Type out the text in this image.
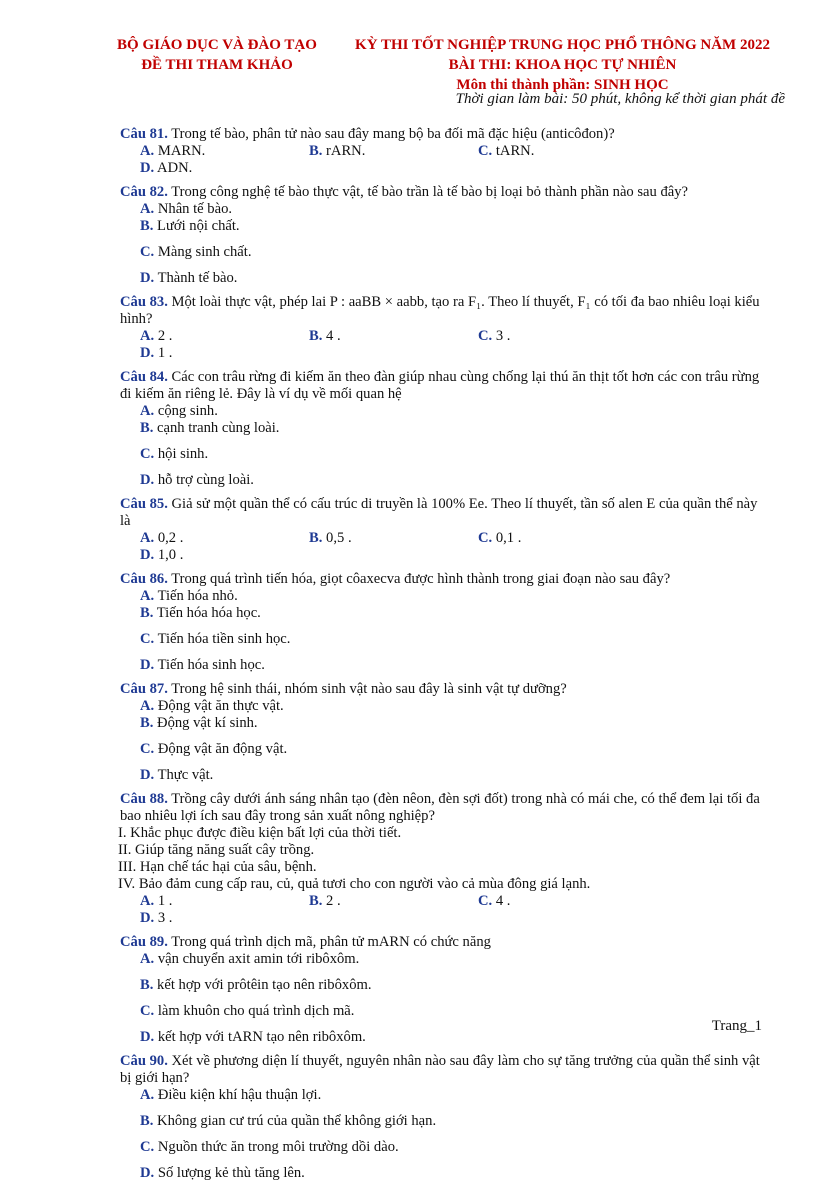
BỘ GIÁO DỤC VÀ ĐÀO TẠO
ĐỀ THI THAM KHẢO
KỲ THI TỐT NGHIỆP TRUNG HỌC PHỔ THÔNG NĂM 2022
BÀI THI: KHOA HỌC TỰ NHIÊN
Môn thi thành phần: SINH HỌC
Thời gian làm bài: 50 phút, không kể thời gian phát đề
Câu 81. Trong tế bào, phân tử nào sau đây mang bộ ba đối mã đặc hiệu (anticôđon)?
A. MARN.	B. rARN.	C. tARN.
D. ADN.
Câu 82. Trong công nghệ tế bào thực vật, tế bào trần là tế bào bị loại bỏ thành phần nào sau đây?
A. Nhân tế bào.
B. Lưới nội chất.
C. Màng sinh chất.
D. Thành tế bào.
Câu 83. Một loài thực vật, phép lai P : aaBB × aabb, tạo ra F₁. Theo lí thuyết, F₁ có tối đa bao nhiêu loại kiểu hình?
A. 2 .	B. 4 .	C. 3 .
D. 1 .
Câu 84. Các con trâu rừng đi kiếm ăn theo đàn giúp nhau cùng chống lại thú ăn thịt tốt hơn các con trâu rừng đi kiếm ăn riêng lẻ. Đây là ví dụ về mối quan hệ
A. cộng sinh.
B. cạnh tranh cùng loài.
C. hội sinh.
D. hỗ trợ cùng loài.
Câu 85. Giả sử một quần thể có cấu trúc di truyền là 100% Ee. Theo lí thuyết, tần số alen E của quần thể này là
A. 0,2 .	B. 0,5 .	C. 0,1 .
D. 1,0 .
Câu 86. Trong quá trình tiến hóa, giọt côaxecva được hình thành trong giai đoạn nào sau đây?
A. Tiến hóa nhỏ.
B. Tiến hóa hóa học.
C. Tiến hóa tiền sinh học.
D. Tiến hóa sinh học.
Câu 87. Trong hệ sinh thái, nhóm sinh vật nào sau đây là sinh vật tự dưỡng?
A. Động vật ăn thực vật.
B. Động vật kí sinh.
C. Động vật ăn động vật.
D. Thực vật.
Câu 88. Trồng cây dưới ánh sáng nhân tạo (đèn nêon, đèn sợi đốt) trong nhà có mái che, có thể đem lại tối đa bao nhiêu lợi ích sau đây trong sản xuất nông nghiệp?
I. Khắc phục được điều kiện bất lợi của thời tiết.
II. Giúp tăng năng suất cây trồng.
III. Hạn chế tác hại của sâu, bệnh.
IV. Bảo đảm cung cấp rau, củ, quả tươi cho con người vào cả mùa đông giá lạnh.
A. 1 .	B. 2 .	C. 4 .
D. 3 .
Câu 89. Trong quá trình dịch mã, phân tử mARN có chức năng
A. vận chuyển axit amin tới ribôxôm.
B. kết hợp với prôtêin tạo nên ribôxôm.
C. làm khuôn cho quá trình dịch mã.
D. kết hợp với tARN tạo nên ribôxôm.
Câu 90. Xét về phương diện lí thuyết, nguyên nhân nào sau đây làm cho sự tăng trưởng của quần thể sinh vật bị giới hạn?
A. Điều kiện khí hậu thuận lợi.
B. Không gian cư trú của quần thể không giới hạn.
C. Nguồn thức ăn trong môi trường dồi dào.
D. Số lượng kẻ thù tăng lên.
Trang_1
